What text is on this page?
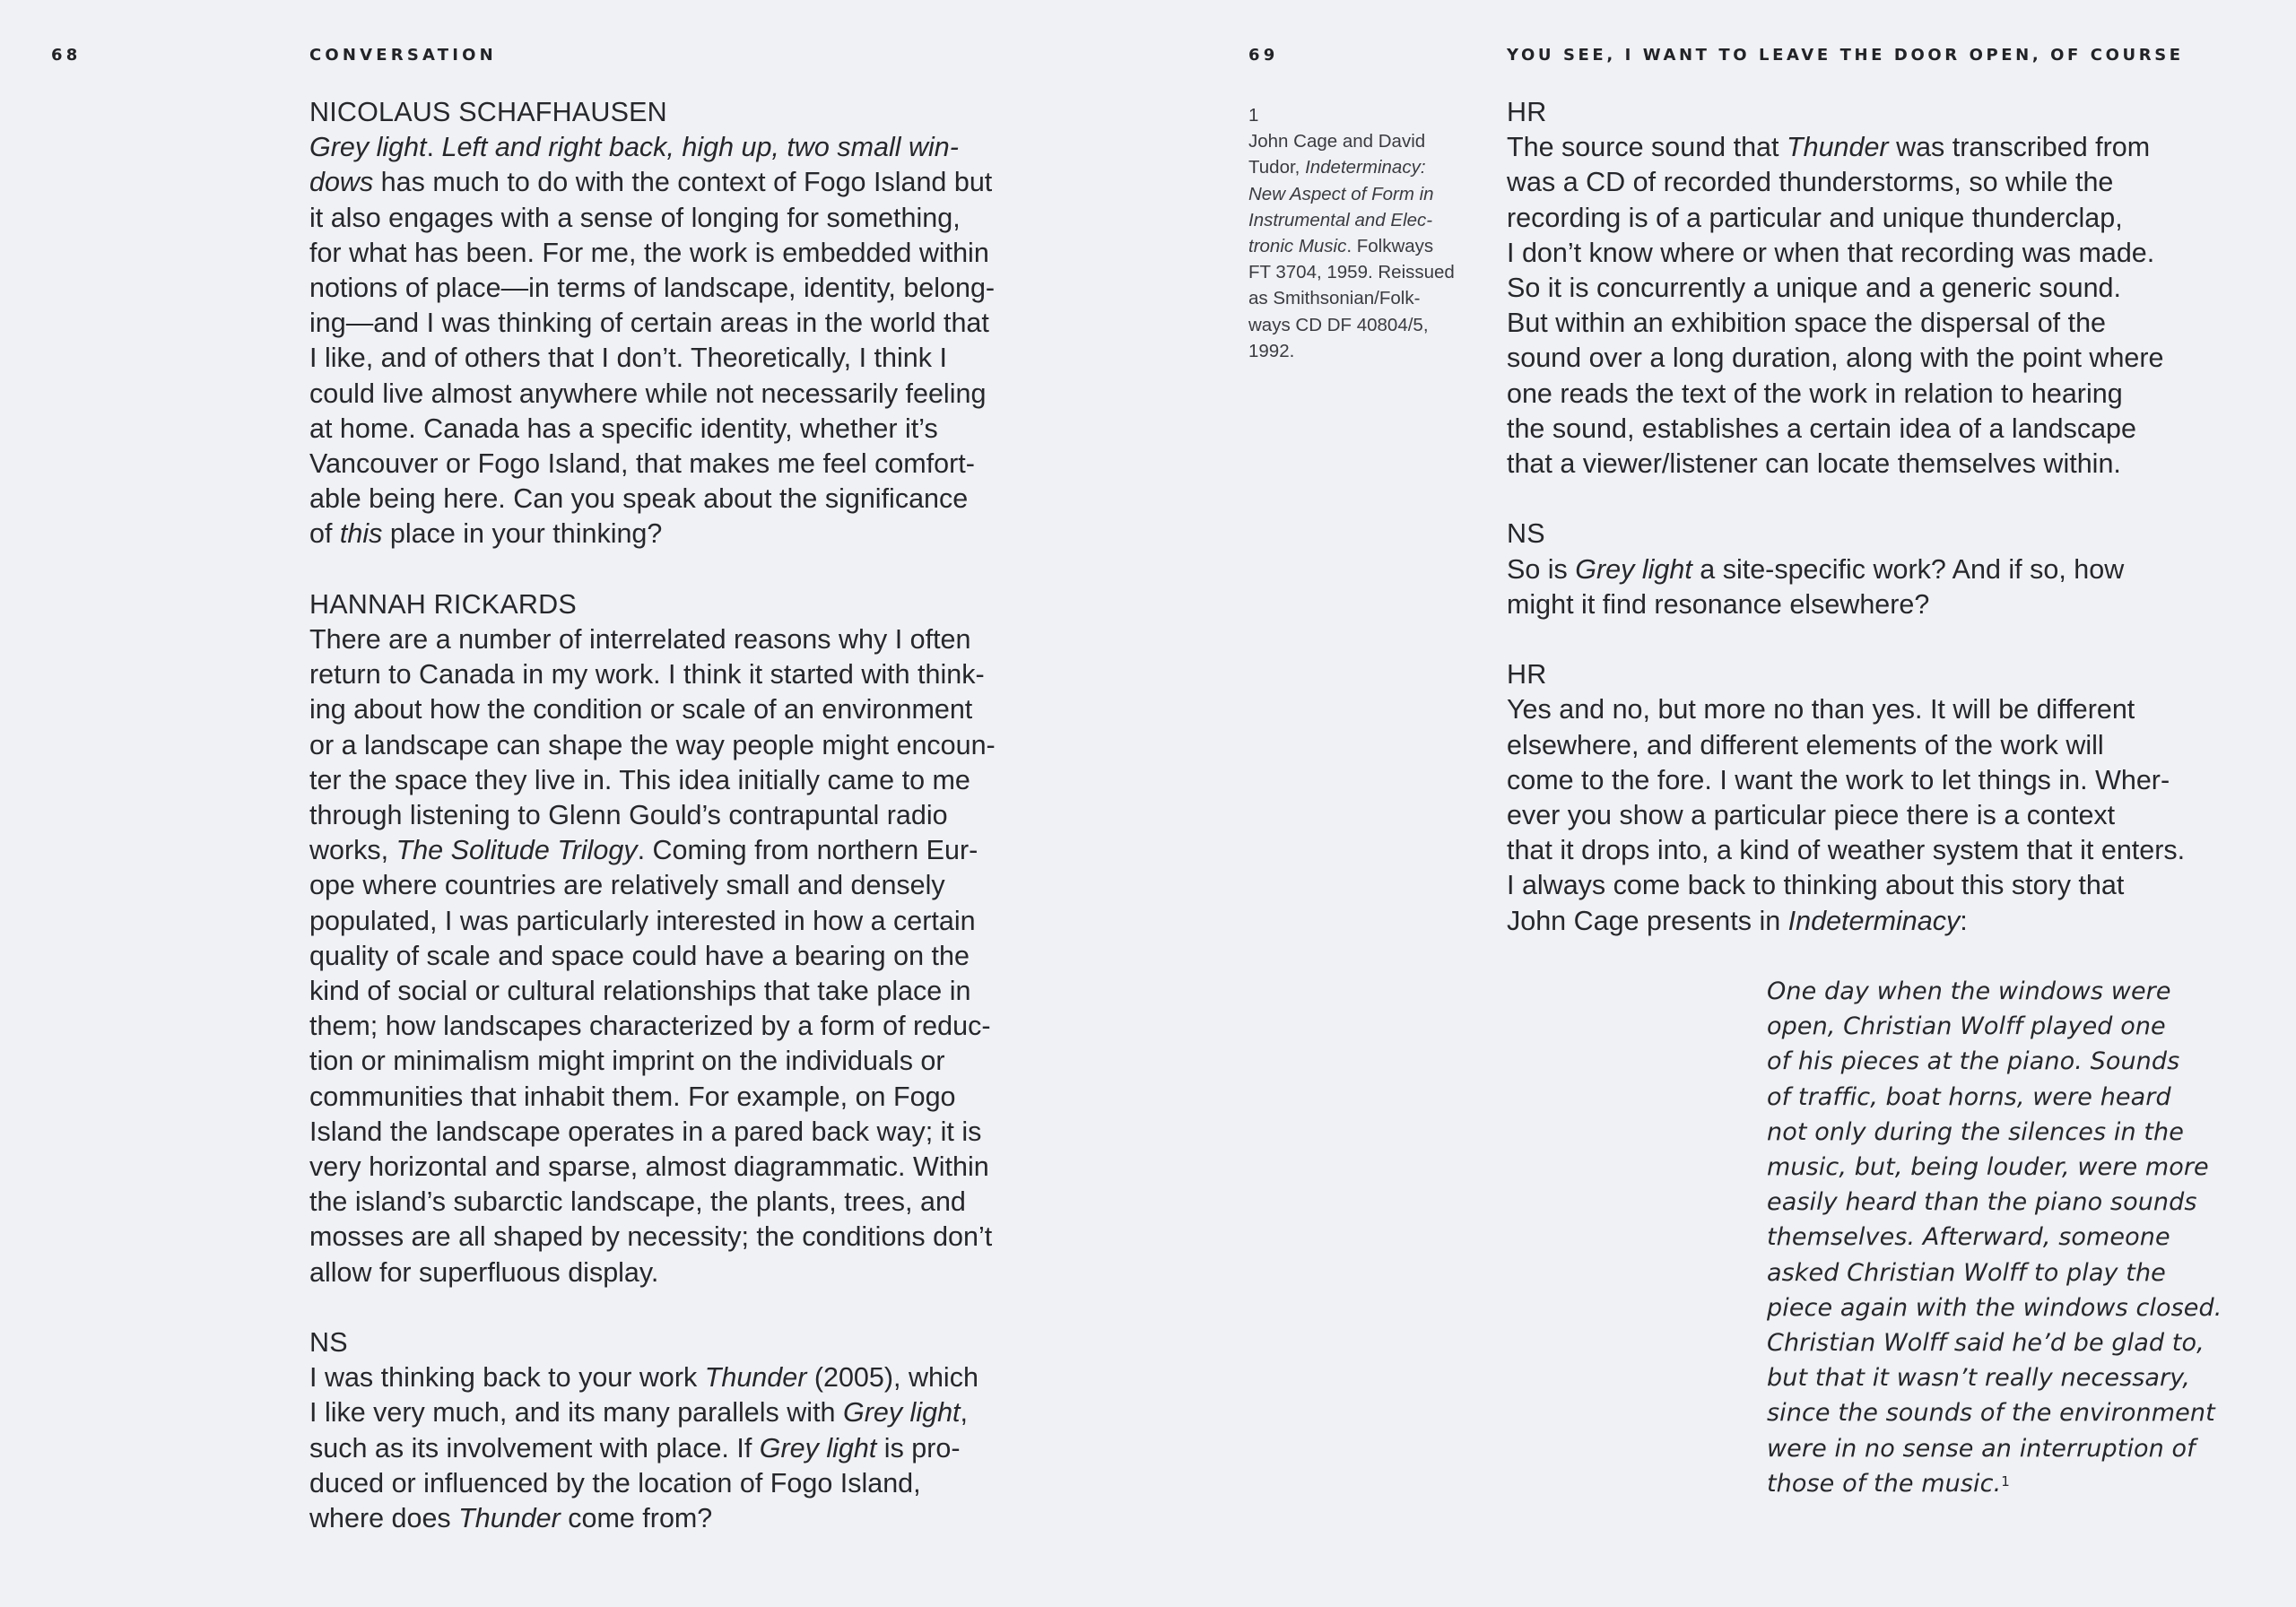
68	CONVERSATION
NICOLAUS SCHAFHAUSEN
Grey light. Left and right back, high up, two small win-
dows has much to do with the context of Fogo Island but
it also engages with a sense of longing for something,
for what has been. For me, the work is embedded within
notions of place—in terms of landscape, identity, belong-
ing—and I was thinking of certain areas in the world that
I like, and of others that I don’t. Theoretically, I think I
could live almost anywhere while not necessarily feeling
at home. Canada has a specific identity, whether it’s
Vancouver or Fogo Island, that makes me feel comfort-
able being here. Can you speak about the significance
of this place in your thinking?
HANNAH RICKARDS
There are a number of interrelated reasons why I often
return to Canada in my work. I think it started with think-
ing about how the condition or scale of an environment
or a landscape can shape the way people might encoun-
ter the space they live in. This idea initially came to me
through listening to Glenn Gould’s contrapuntal radio
works, The Solitude Trilogy. Coming from northern Eur-
ope where countries are relatively small and densely
populated, I was particularly interested in how a certain
quality of scale and space could have a bearing on the
kind of social or cultural relationships that take place in
them; how landscapes characterized by a form of reduc-
tion or minimalism might imprint on the individuals or
communities that inhabit them. For example, on Fogo
Island the landscape operates in a pared back way; it is
very horizontal and sparse, almost diagrammatic. Within
the island’s subarctic landscape, the plants, trees, and
mosses are all shaped by necessity; the conditions don’t
allow for superfluous display.
NS
I was thinking back to your work Thunder (2005), which
I like very much, and its many parallels with Grey light,
such as its involvement with place. If Grey light is pro-
duced or influenced by the location of Fogo Island,
where does Thunder come from?
69	YOU SEE, I WANT TO LEAVE THE DOOR OPEN, OF COURSE
1
John Cage and David
Tudor, Indeterminacy:
New Aspect of Form in
Instrumental and Elec-
tronic Music. Folkways
FT 3704, 1959. Reissued
as Smithsonian/Folk-
ways CD DF 40804/5,
1992.
HR
The source sound that Thunder was transcribed from
was a CD of recorded thunderstorms, so while the
recording is of a particular and unique thunderclap,
I don’t know where or when that recording was made.
So it is concurrently a unique and a generic sound.
But within an exhibition space the dispersal of the
sound over a long duration, along with the point where
one reads the text of the work in relation to hearing
the sound, establishes a certain idea of a landscape
that a viewer/listener can locate themselves within.
NS
So is Grey light a site-specific work? And if so, how
might it find resonance elsewhere?
HR
Yes and no, but more no than yes. It will be different
elsewhere, and different elements of the work will
come to the fore. I want the work to let things in. Wher-
ever you show a particular piece there is a context
that it drops into, a kind of weather system that it enters.
I always come back to thinking about this story that
John Cage presents in Indeterminacy:
One day when the windows were
open, Christian Wolff played one
of his pieces at the piano. Sounds
of traffic, boat horns, were heard
not only during the silences in the
music, but, being louder, were more
easily heard than the piano sounds
themselves. Afterward, someone
asked Christian Wolff to play the
piece again with the windows closed.
Christian Wolff said he’d be glad to,
but that it wasn’t really necessary,
since the sounds of the environment
were in no sense an interruption of
those of the music.$^1$
